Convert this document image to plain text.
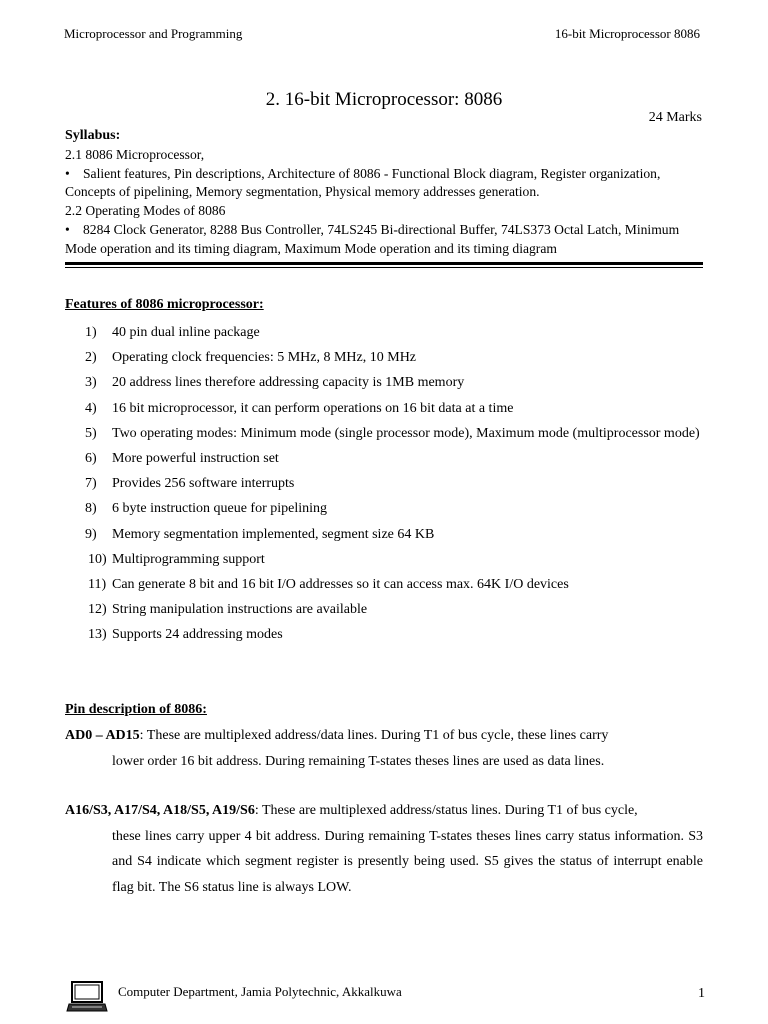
Microprocessor and Programming	16-bit Microprocessor 8086
2. 16-bit Microprocessor: 8086
24 Marks
Syllabus:
2.1 8086 Microprocessor,
• Salient features, Pin descriptions, Architecture of 8086 - Functional Block diagram, Register organization, Concepts of pipelining, Memory segmentation, Physical memory addresses generation.
2.2 Operating Modes of 8086
• 8284 Clock Generator, 8288 Bus Controller, 74LS245 Bi-directional Buffer, 74LS373 Octal Latch, Minimum Mode operation and its timing diagram, Maximum Mode operation and its timing diagram
Features of 8086 microprocessor:
1)	40 pin dual inline package
2)	Operating clock frequencies: 5 MHz, 8 MHz, 10 MHz
3)	20 address lines therefore addressing capacity is 1MB memory
4)	16 bit microprocessor, it can perform operations on 16 bit data at a time
5)	Two operating modes: Minimum mode (single processor mode), Maximum mode (multiprocessor mode)
6)	More powerful instruction set
7)	Provides 256 software interrupts
8)	6 byte instruction queue for pipelining
9)	Memory segmentation implemented, segment size 64 KB
10) Multiprogramming support
11) Can generate 8 bit and 16 bit I/O addresses so it can access max. 64K I/O devices
12) String manipulation instructions are available
13) Supports 24 addressing modes
Pin description of 8086:
AD0 – AD15: These are multiplexed address/data lines. During T1 of bus cycle, these lines carry
lower order 16 bit address. During remaining T-states theses lines are used as data lines.
A16/S3, A17/S4, A18/S5, A19/S6: These are multiplexed address/status lines. During T1 of bus cycle,
these lines carry upper 4 bit address. During remaining T-states theses lines carry status information. S3 and S4 indicate which segment register is presently being used. S5 gives the status of interrupt enable flag bit. The S6 status line is always LOW.
Computer Department, Jamia Polytechnic, Akkalkuwa	1
